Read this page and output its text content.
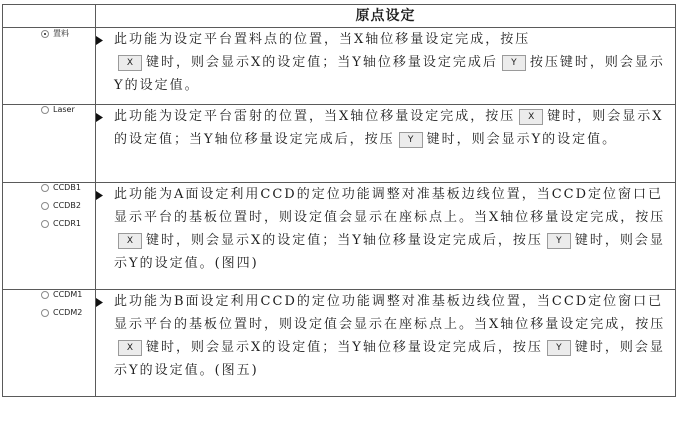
	原点设定

置料	此功能为设定平台置料点的位置，当X轴位移量设定完成，按压
X 键时，则会显示X的设定值；当Y轴位移量设定完成后 Y 按压键时，则会显示Y的设定值。

Laser	此功能为设定平台雷射的位置，当X轴位移量设定完成，按压 X 键时，则会显示X的设定值；当Y轴位移量设定完成后，按压 Y 键时，则会显示Y的设定值。

CCDB1
CCDB2
CCDR1	此功能为A面设定利用CCD的定位功能调整对准基板边线位置，当CCD定位窗口已显示平台的基板位置时，则设定值会显示在座标点上。当X轴位移量设定完成，按压X 键时，则会显示X的设定值；当Y轴位移量设定完成后，按压 Y 键时，则会显示Y的设定值。(图四)

CCDM1
CCDM2	此功能为B面设定利用CCD的定位功能调整对准基板边线位置，当CCD定位窗口已显示平台的基板位置时，则设定值会显示在座标点上。当X轴位移量设定完成，按压X 键时，则会显示X的设定值；当Y轴位移量设定完成后，按压 Y 键时，则会显示Y的设定值。(图五)
